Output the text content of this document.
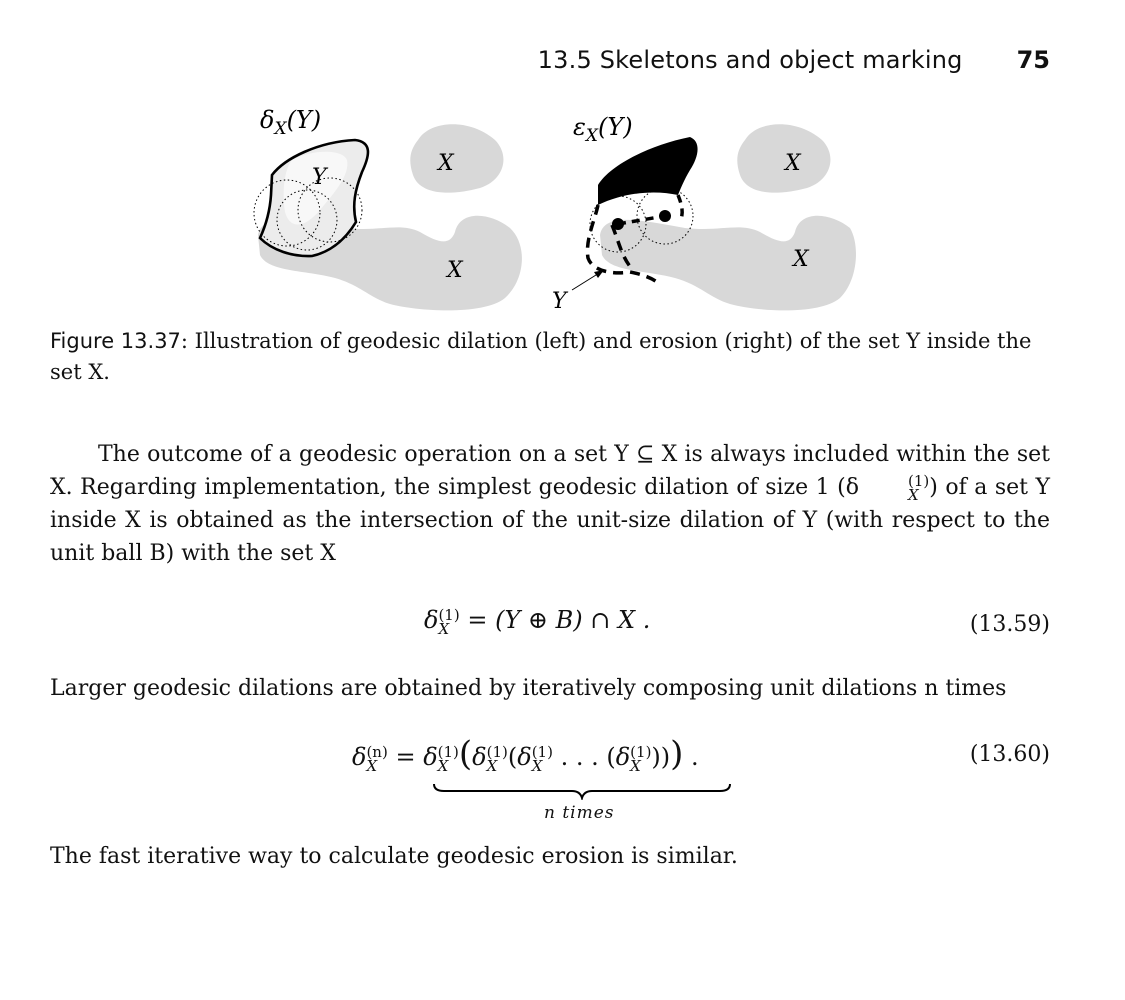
13.5 Skeletons and object marking 75
$\delta_X(Y)$
Y
X
X
$\varepsilon_X(Y)$
X
X
Y
Figure 13.37: Illustration of geodesic dilation (left) and erosion (right) of the set Y inside the set X.
The outcome of a geodesic operation on a set Y ⊆ X is always included within the set X. Regarding implementation, the simplest geodesic dilation of size 1 (δ	(1)
X ) of a set Y inside X is obtained as the intersection of the unit-size dilation of Y (with respect to the unit ball B) with the set X
δ (1)
X = (Y ⊕ B) ∩ X .	(13.59)
Larger geodesic dilations are obtained by iteratively composing unit dilations n times
δ (n)
X = δ (1)
X (δ (1)
X (δ (1)
X . . . (δ (1)
X ))) .
n times
(13.60)
The fast iterative way to calculate geodesic erosion is similar.
